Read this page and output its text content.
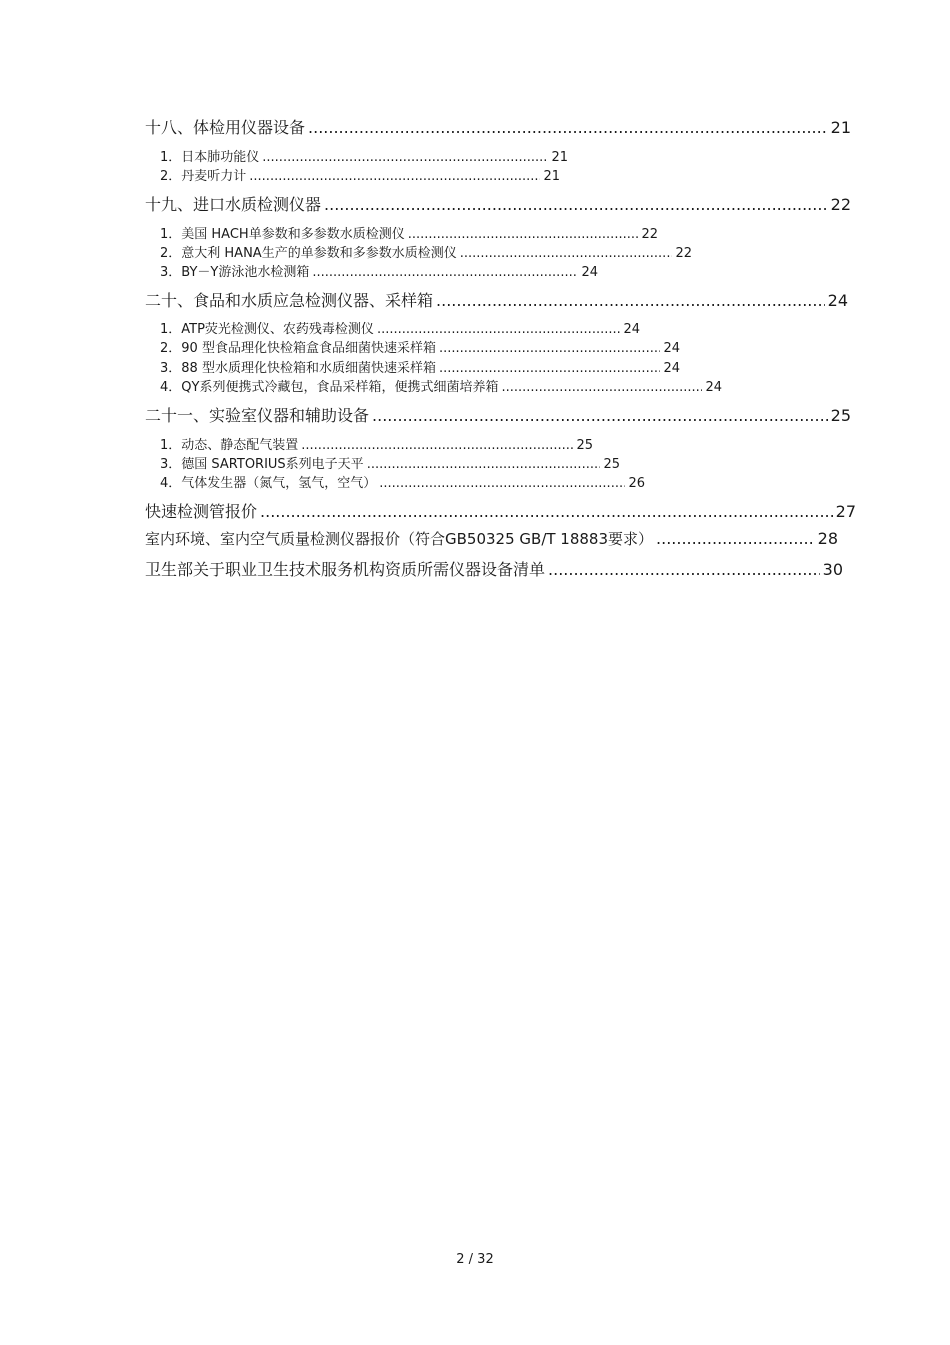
十八、体检用仪器设备 .....	21
1．日本肺功能仪 .....	21
2．丹麦听力计 .....	21
十九、进口水质检测仪器 .....	22
1．美国 HACH单参数和多参数水质检测仪 .....	22
2．意大利 HANA生产的单参数和多参数水质检测仪 .....	22
3．BY－Y游泳池水检测箱 .....	24
二十、食品和水质应急检测仪器、采样箱 .....	24
1．ATP荧光检测仪、农药残毒检测仪 .....	24
2．90 型食品理化快检箱盒食品细菌快速采样箱 .....	24
3．88 型水质理化快检箱和水质细菌快速采样箱 .....	24
4．QY系列便携式冷藏包，食品采样箱，便携式细菌培养箱 .....	24
二十一、实验室仪器和辅助设备 .....	25
1．动态、静态配气装置 .....	25
3．德国 SARTORIUS系列电子天平 .....	25
4．气体发生器（氮气，氢气，空气） .....	26
快速检测管报价 .....	27
室内环境、室内空气质量检测仪器报价（符合GB50325 GB/T 18883要求） .....	28
卫生部关于职业卫生技术服务机构资质所需仪器设备清单 .....	30
2 / 32
